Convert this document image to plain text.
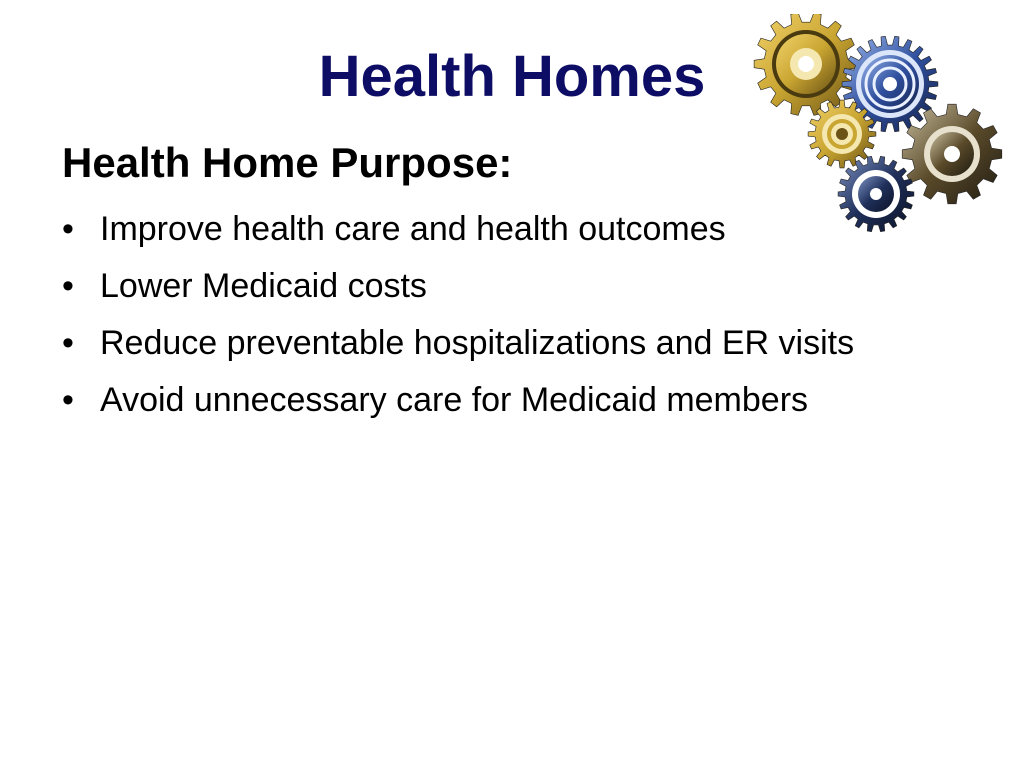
Health Homes
Health Home Purpose:
• Improve health care and health outcomes
• Lower Medicaid costs
• Reduce preventable hospitalizations and ER visits
• Avoid unnecessary care for Medicaid members
